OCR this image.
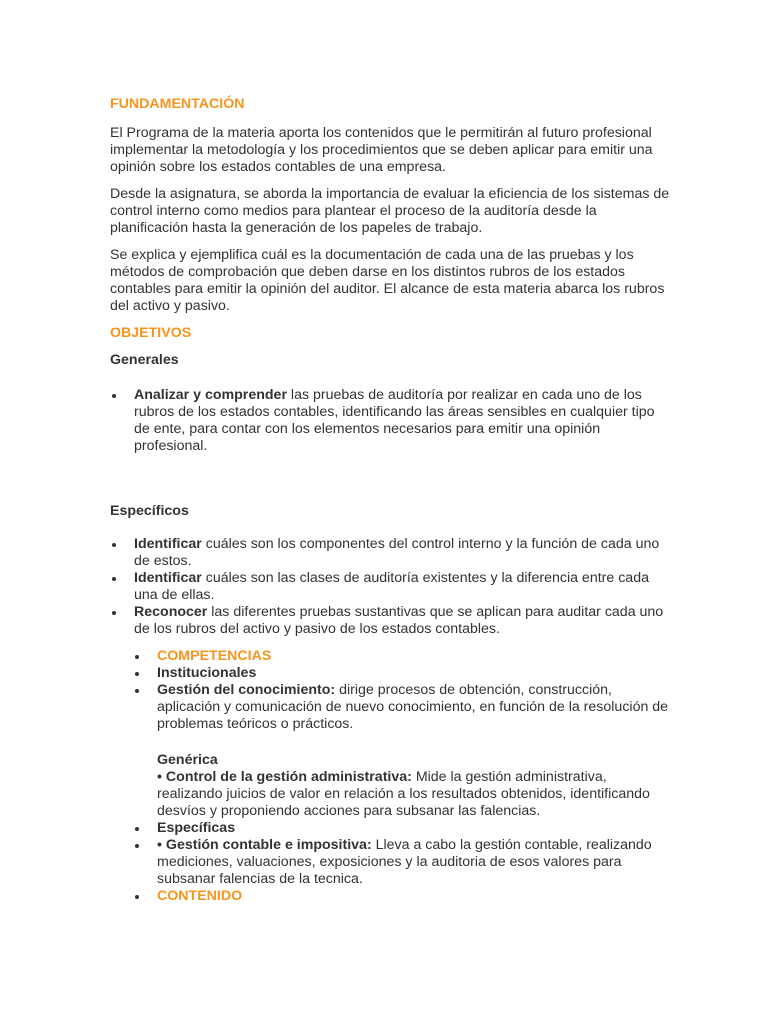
FUNDAMENTACIÓN

El Programa de la materia aporta los contenidos que le permitirán al futuro profesional implementar la metodología y los procedimientos que se deben aplicar para emitir una opinión sobre los estados contables de una empresa.

Desde la asignatura, se aborda la importancia de evaluar la eficiencia de los sistemas de control interno como medios para plantear el proceso de la auditoría desde la planificación hasta la generación de los papeles de trabajo.

Se explica y ejemplifica cuál es la documentación de cada una de las pruebas y los métodos de comprobación que deben darse en los distintos rubros de los estados contables para emitir la opinión del auditor. El alcance de esta materia abarca los rubros del activo y pasivo.

OBJETIVOS

Generales

Analizar y comprender las pruebas de auditoría por realizar en cada uno de los rubros de los estados contables, identificando las áreas sensibles en cualquier tipo de ente, para contar con los elementos necesarios para emitir una opinión profesional.

Específicos

Identificar cuáles son los componentes del control interno y la función de cada uno de estos.
Identificar cuáles son las clases de auditoría existentes y la diferencia entre cada una de ellas.
Reconocer las diferentes pruebas sustantivas que se aplican para auditar cada uno de los rubros del activo y pasivo de los estados contables.
COMPETENCIAS
Institucionales
Gestión del conocimiento: dirige procesos de obtención, construcción, aplicación y comunicación de nuevo conocimiento, en función de la resolución de problemas teóricos o prácticos.
Genérica
• Control de la gestión administrativa: Mide la gestión administrativa, realizando juicios de valor en relación a los resultados obtenidos, identificando desvíos y proponiendo acciones para subsanar las falencias.
Específicas
• Gestión contable e impositiva: Lleva a cabo la gestión contable, realizando mediciones, valuaciones, exposiciones y la auditoria de esos valores para subsanar falencias de la tecnica.
CONTENIDO
